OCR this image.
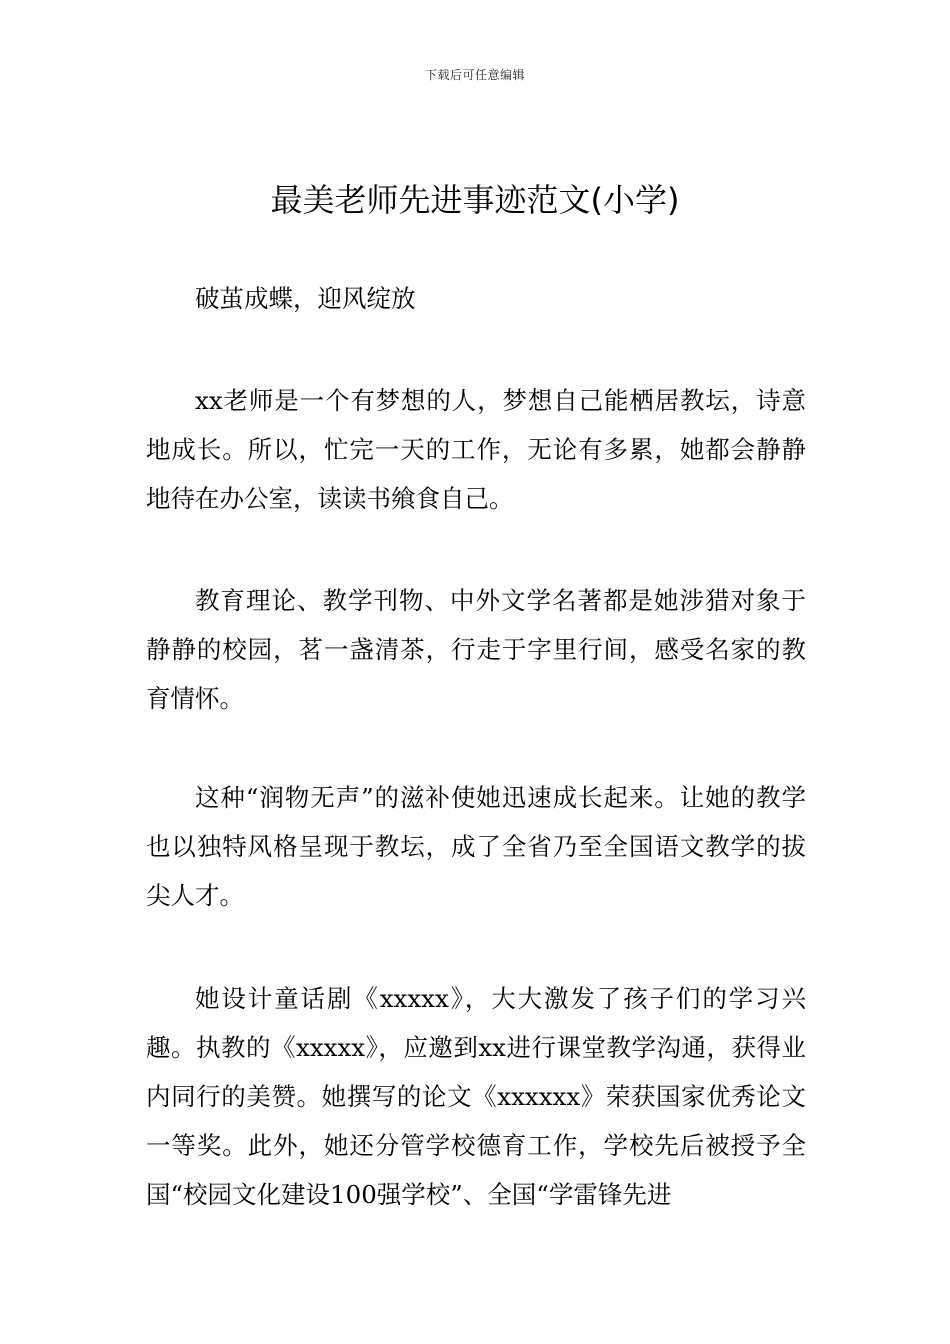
下载后可任意编辑
最美老师先进事迹范文(小学)

破茧成蝶，迎风绽放

xx老师是一个有梦想的人，梦想自己能栖居教坛，诗意地成长。所以，忙完一天的工作，无论有多累，她都会静静地待在办公室，读读书飨食自己。

教育理论、教学刊物、中外文学名著都是她涉猎对象于静静的校园，茗一盏清茶，行走于字里行间，感受名家的教育情怀。

这种“润物无声”的滋补使她迅速成长起来。让她的教学也以独特风格呈现于教坛，成了全省乃至全国语文教学的拔尖人才。

她设计童话剧《xxxxx》，大大激发了孩子们的学习兴趣。执教的《xxxxx》，应邀到xx进行课堂教学沟通，获得业内同行的美赞。她撰写的论文《xxxxxx》荣获国家优秀论文一等奖。此外，她还分管学校德育工作，学校先后被授予全国“校园文化建设100强学校”、全国“学雷锋先进
